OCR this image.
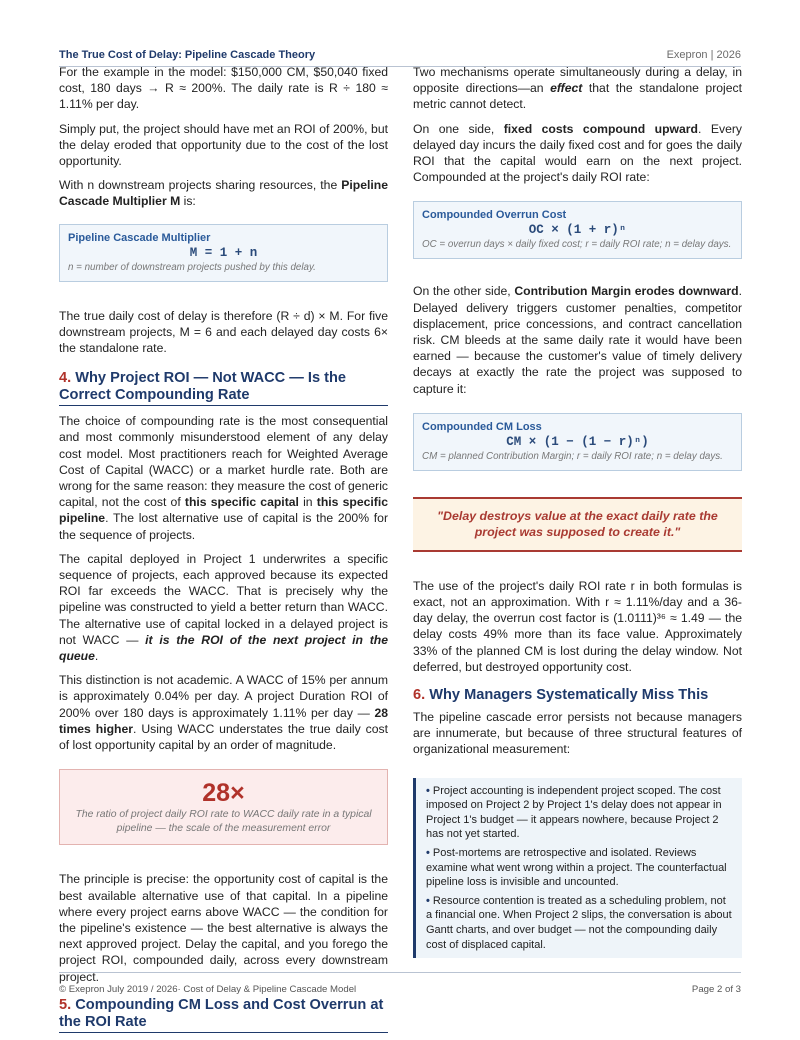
The True Cost of Delay: Pipeline Cascade Theory	Exepron | 2026

For the example in the model: $150,000 CM, $50,040 fixed cost, 180 days → R ≈ 200%. The daily rate is R ÷ 180 ≈ 1.11% per day.

Simply put, the project should have met an ROI of 200%, but the delay eroded that opportunity due to the cost of the lost opportunity.

With n downstream projects sharing resources, the Pipeline Cascade Multiplier M is:

Pipeline Cascade Multiplier
M = 1 + n
n = number of downstream projects pushed by this delay.

The true daily cost of delay is therefore (R ÷ d) × M. For five downstream projects, M = 6 and each delayed day costs 6× the standalone rate.

4. Why Project ROI — Not WACC — Is the Correct Compounding Rate

The choice of compounding rate is the most consequential and most commonly misunderstood element of any delay cost model. Most practitioners reach for Weighted Average Cost of Capital (WACC) or a market hurdle rate. Both are wrong for the same reason: they measure the cost of generic capital, not the cost of this specific capital in this specific pipeline. The lost alternative use of capital is the 200% for the sequence of projects.

The capital deployed in Project 1 underwrites a specific sequence of projects, each approved because its expected ROI far exceeds the WACC. That is precisely why the pipeline was constructed to yield a better return than WACC. The alternative use of capital locked in a delayed project is not WACC — it is the ROI of the next project in the queue.

This distinction is not academic. A WACC of 15% per annum is approximately 0.04% per day. A project Duration ROI of 200% over 180 days is approximately 1.11% per day — 28 times higher. Using WACC understates the true daily cost of lost opportunity capital by an order of magnitude.

28×
The ratio of project daily ROI rate to WACC daily rate in a typical pipeline — the scale of the measurement error

The principle is precise: the opportunity cost of capital is the best available alternative use of that capital. In a pipeline where every project earns above WACC — the condition for the pipeline's existence — the best alternative is always the next approved project. Delay the capital, and you forego the project ROI, compounded daily, across every downstream project.

5. Compounding CM Loss and Cost Overrun at the ROI Rate

Two mechanisms operate simultaneously during a delay, in opposite directions—an effect that the standalone project metric cannot detect.

On one side, fixed costs compound upward. Every delayed day incurs the daily fixed cost and for goes the daily ROI that the capital would earn on the next project. Compounded at the project's daily ROI rate:

Compounded Overrun Cost
OC × (1 + r)ⁿ
OC = overrun days × daily fixed cost; r = daily ROI rate; n = delay days.

On the other side, Contribution Margin erodes downward. Delayed delivery triggers customer penalties, competitor displacement, price concessions, and contract cancellation risk. CM bleeds at the same daily rate it would have been earned — because the customer's value of timely delivery decays at exactly the rate the project was supposed to capture it:

Compounded CM Loss
CM × (1 − (1 − r)ⁿ)
CM = planned Contribution Margin; r = daily ROI rate; n = delay days.
"Delay destroys value at the exact daily rate the project was supposed to create it."

The use of the project's daily ROI rate r in both formulas is exact, not an approximation. With r ≈ 1.11%/day and a 36-day delay, the overrun cost factor is (1.0111)³⁶ ≈ 1.49 — the delay costs 49% more than its face value. Approximately 33% of the planned CM is lost during the delay window. Not deferred, but destroyed opportunity cost.

6. Why Managers Systematically Miss This

The pipeline cascade error persists not because managers are innumerate, but because of three structural features of organizational measurement:

• Project accounting is independent project scoped. The cost imposed on Project 2 by Project 1's delay does not appear in Project 1's budget — it appears nowhere, because Project 2 has not yet started.
• Post-mortems are retrospective and isolated. Reviews examine what went wrong within a project. The counterfactual pipeline loss is invisible and uncounted.
• Resource contention is treated as a scheduling problem, not a financial one. When Project 2 slips, the conversation is about Gantt charts, and over budget — not the compounding daily cost of displaced capital.
© Exepron July 2019 / 2026· Cost of Delay & Pipeline Cascade Model	Page 2 of 3
